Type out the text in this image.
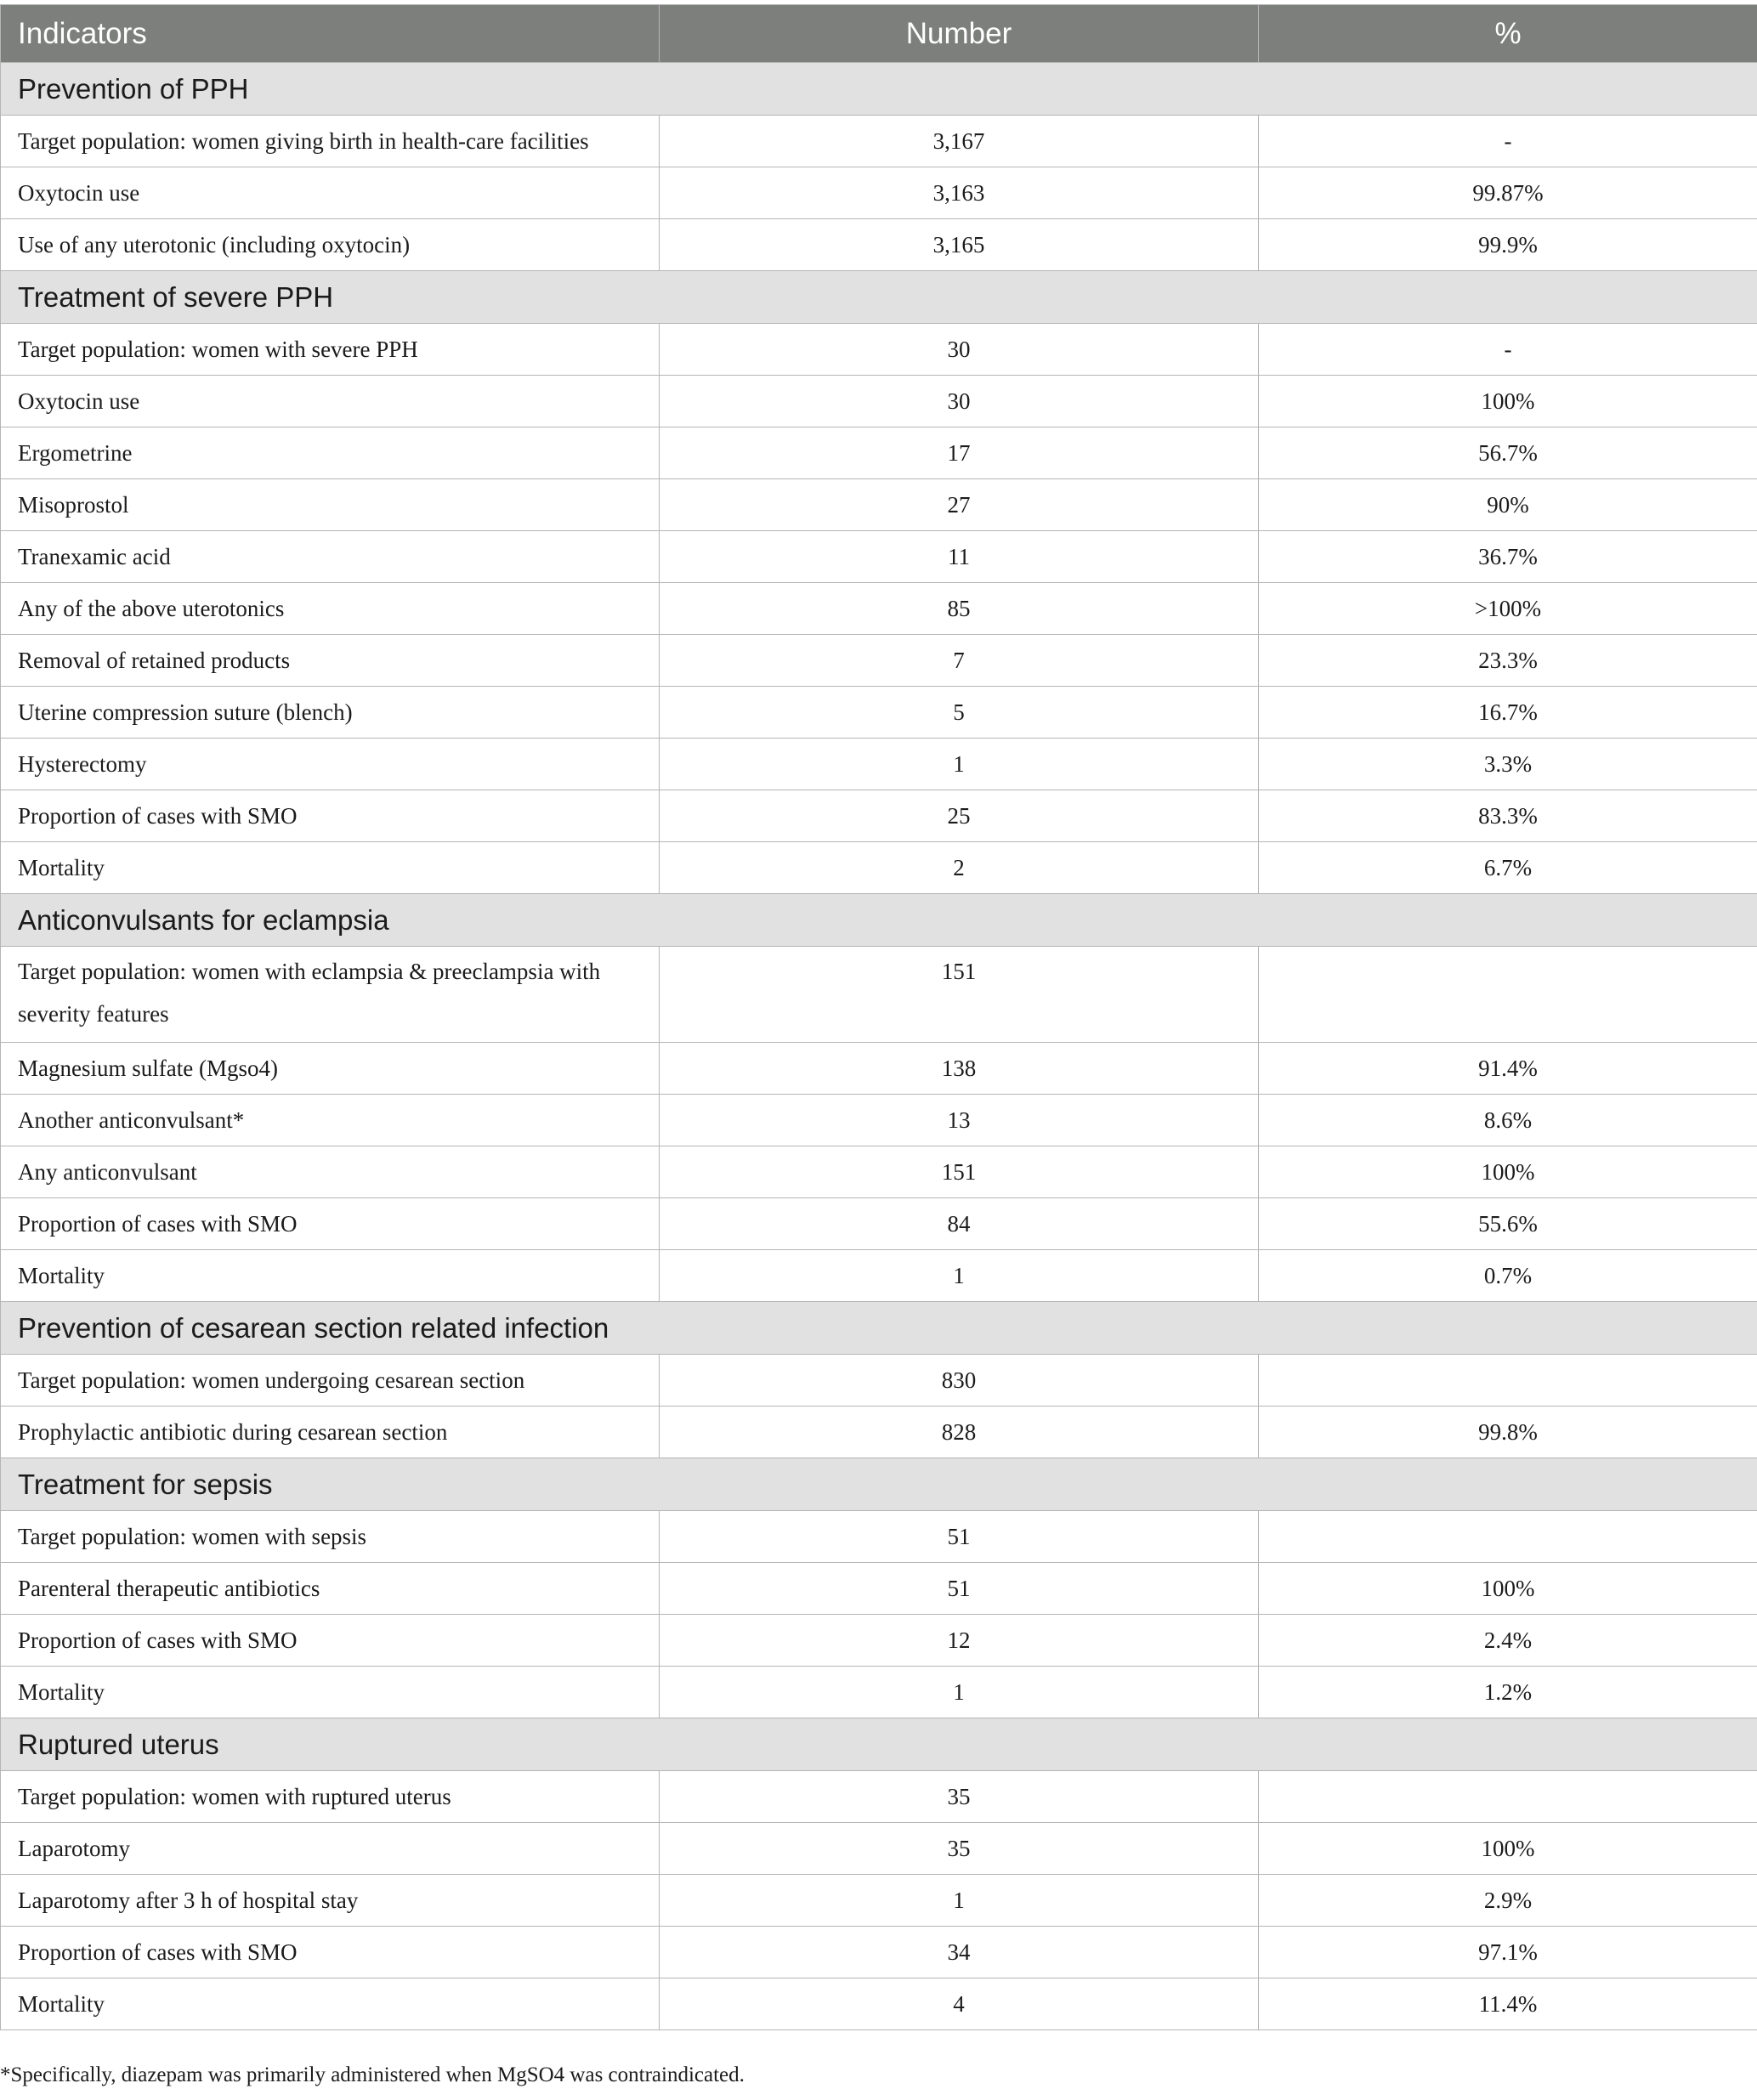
Indicators	Number	%
Prevention of PPH		
Target population: women giving birth in health-care facilities	3,167	-
Oxytocin use	3,163	99.87%
Use of any uterotonic (including oxytocin)	3,165	99.9%
Treatment of severe PPH		
Target population: women with severe PPH	30	-
Oxytocin use	30	100%
Ergometrine	17	56.7%
Misoprostol	27	90%
Tranexamic acid	11	36.7%
Any of the above uterotonics	85	>100%
Removal of retained products	7	23.3%
Uterine compression suture (blench)	5	16.7%
Hysterectomy	1	3.3%
Proportion of cases with SMO	25	83.3%
Mortality	2	6.7%
Anticonvulsants for eclampsia		
Target population: women with eclampsia & preeclampsia with severity features	151	
Magnesium sulfate (Mgso4)	138	91.4%
Another anticonvulsant*	13	8.6%
Any anticonvulsant	151	100%
Proportion of cases with SMO	84	55.6%
Mortality	1	0.7%
Prevention of cesarean section related infection		
Target population: women undergoing cesarean section	830	
Prophylactic antibiotic during cesarean section	828	99.8%
Treatment for sepsis		
Target population: women with sepsis	51	
Parenteral therapeutic antibiotics	51	100%
Proportion of cases with SMO	12	2.4%
Mortality	1	1.2%
Ruptured uterus		
Target population: women with ruptured uterus	35	
Laparotomy	35	100%
Laparotomy after 3 h of hospital stay	1	2.9%
Proportion of cases with SMO	34	97.1%
Mortality	4	11.4%
*Specifically, diazepam was primarily administered when MgSO4 was contraindicated.
